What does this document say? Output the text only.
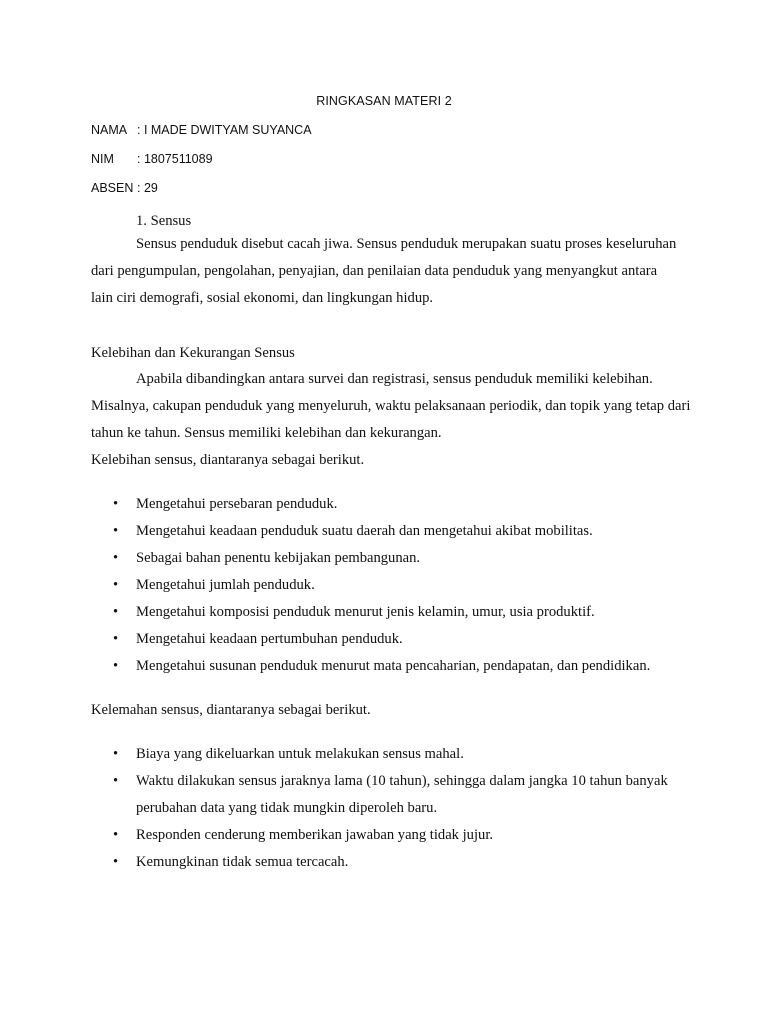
RINGKASAN MATERI 2
NAMA : I MADE DWITYAM SUYANCA
NIM : 1807511089
ABSEN : 29
1. Sensus

Sensus penduduk disebut cacah jiwa. Sensus penduduk merupakan suatu proses keseluruhan dari pengumpulan, pengolahan, penyajian, dan penilaian data penduduk yang menyangkut antara lain ciri demografi, sosial ekonomi, dan lingkungan hidup.

Kelebihan dan Kekurangan Sensus

Apabila dibandingkan antara survei dan registrasi, sensus penduduk memiliki kelebihan. Misalnya, cakupan penduduk yang menyeluruh, waktu pelaksanaan periodik, dan topik yang tetap dari tahun ke tahun. Sensus memiliki kelebihan dan kekurangan.

Kelebihan sensus, diantaranya sebagai berikut.
• Mengetahui persebaran penduduk.
• Mengetahui keadaan penduduk suatu daerah dan mengetahui akibat mobilitas.
• Sebagai bahan penentu kebijakan pembangunan.
• Mengetahui jumlah penduduk.
• Mengetahui komposisi penduduk menurut jenis kelamin, umur, usia produktif.
• Mengetahui keadaan pertumbuhan penduduk.
• Mengetahui susunan penduduk menurut mata pencaharian, pendapatan, dan pendidikan.
Kelemahan sensus, diantaranya sebagai berikut.
• Biaya yang dikeluarkan untuk melakukan sensus mahal.
• Waktu dilakukan sensus jaraknya lama (10 tahun), sehingga dalam jangka 10 tahun banyak perubahan data yang tidak mungkin diperoleh baru.
• Responden cenderung memberikan jawaban yang tidak jujur.
• Kemungkinan tidak semua tercacah.
